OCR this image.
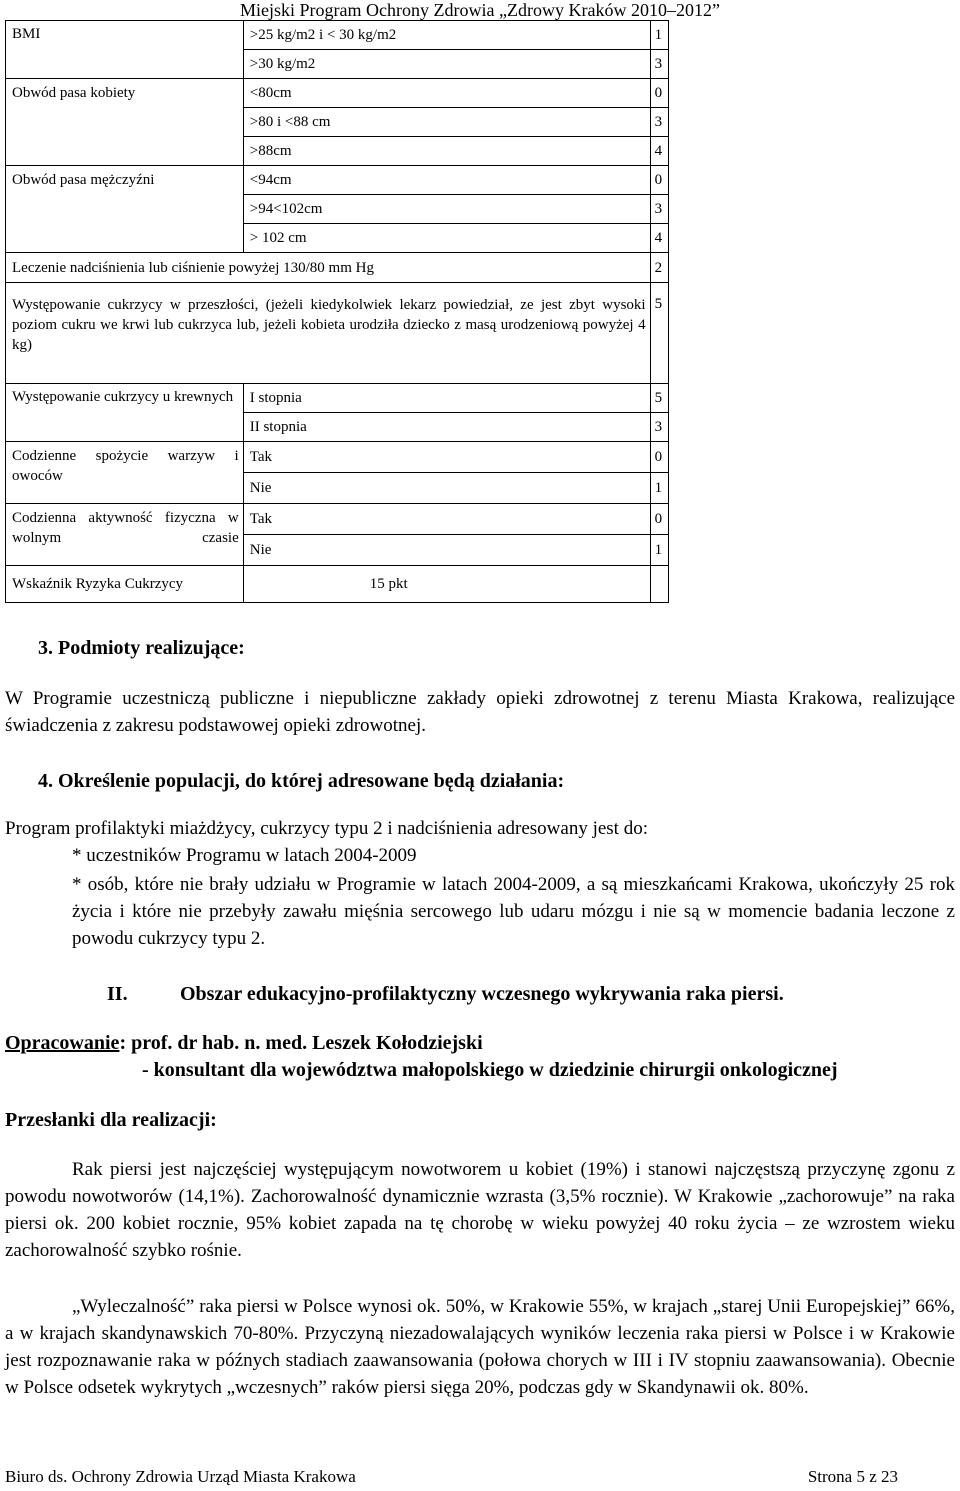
Miejski Program Ochrony Zdrowia „Zdrowy Kraków 2010–2012”
BMI	>25 kg/m2 i < 30 kg/m2	1
	>30 kg/m2	3
Obwód pasa kobiety	<80cm	0
	>80 i <88 cm	3
	>88cm	4
Obwód pasa mężczyźni	<94cm	0
	>94<102cm	3
	> 102 cm	4
Leczenie nadciśnienia lub ciśnienie powyżej 130/80 mm Hg		2
Występowanie cukrzycy w przeszłości, (jeżeli kiedykolwiek lekarz powiedział, ze jest zbyt wysoki poziom cukru we krwi lub cukrzyca lub, jeżeli kobieta urodziła dziecko z masą urodzeniową powyżej 4 kg)		5
Występowanie cukrzycy u krewnych	I stopnia	5
	II stopnia	3
Codzienne spożycie warzyw i owoców	Tak	0
	Nie	1
Codzienna aktywność fizyczna w wolnym czasie	Tak	0
	Nie	1
Wskaźnik Ryzyka Cukrzycy	15 pkt	
3. Podmioty realizujące:
W Programie uczestniczą publiczne i niepubliczne zakłady opieki zdrowotnej z terenu Miasta Krakowa, realizujące świadczenia z zakresu podstawowej opieki zdrowotnej.
4. Określenie populacji, do której adresowane będą działania:
Program profilaktyki miażdżycy, cukrzycy typu 2 i nadciśnienia adresowany jest do:
* uczestników Programu w latach 2004-2009
* osób, które nie brały udziału w Programie w latach 2004-2009, a są mieszkańcami Krakowa, ukończyły 25 rok życia i które nie przebyły zawału mięśnia sercowego lub udaru mózgu i nie są w momencie badania leczone z powodu cukrzycy typu 2.
II.	Obszar edukacyjno-profilaktyczny wczesnego wykrywania raka piersi.
Opracowanie: prof. dr hab. n. med. Leszek Kołodziejski
- konsultant dla województwa małopolskiego w dziedzinie chirurgii onkologicznej
Przesłanki dla realizacji:
Rak piersi jest najczęściej występującym nowotworem u kobiet (19%) i stanowi najczęstszą przyczynę zgonu z powodu nowotworów (14,1%). Zachorowalność dynamicznie wzrasta (3,5% rocznie). W Krakowie „zachorowuje” na raka piersi ok. 200 kobiet rocznie, 95% kobiet zapada na tę chorobę w wieku powyżej 40 roku życia – ze wzrostem wieku zachorowalność szybko rośnie.
„Wyleczalność” raka piersi w Polsce wynosi ok. 50%, w Krakowie 55%, w krajach „starej Unii Europejskiej” 66%, a w krajach skandynawskich 70-80%. Przyczyną niezadowalających wyników leczenia raka piersi w Polsce i w Krakowie jest rozpoznawanie raka w późnych stadiach zaawansowania (połowa chorych w III i IV stopniu zaawansowania). Obecnie w Polsce odsetek wykrytych „wczesnych” raków piersi sięga 20%, podczas gdy w Skandynawii ok. 80%.
Biuro ds. Ochrony Zdrowia Urząd Miasta Krakowa	Strona 5 z 23
